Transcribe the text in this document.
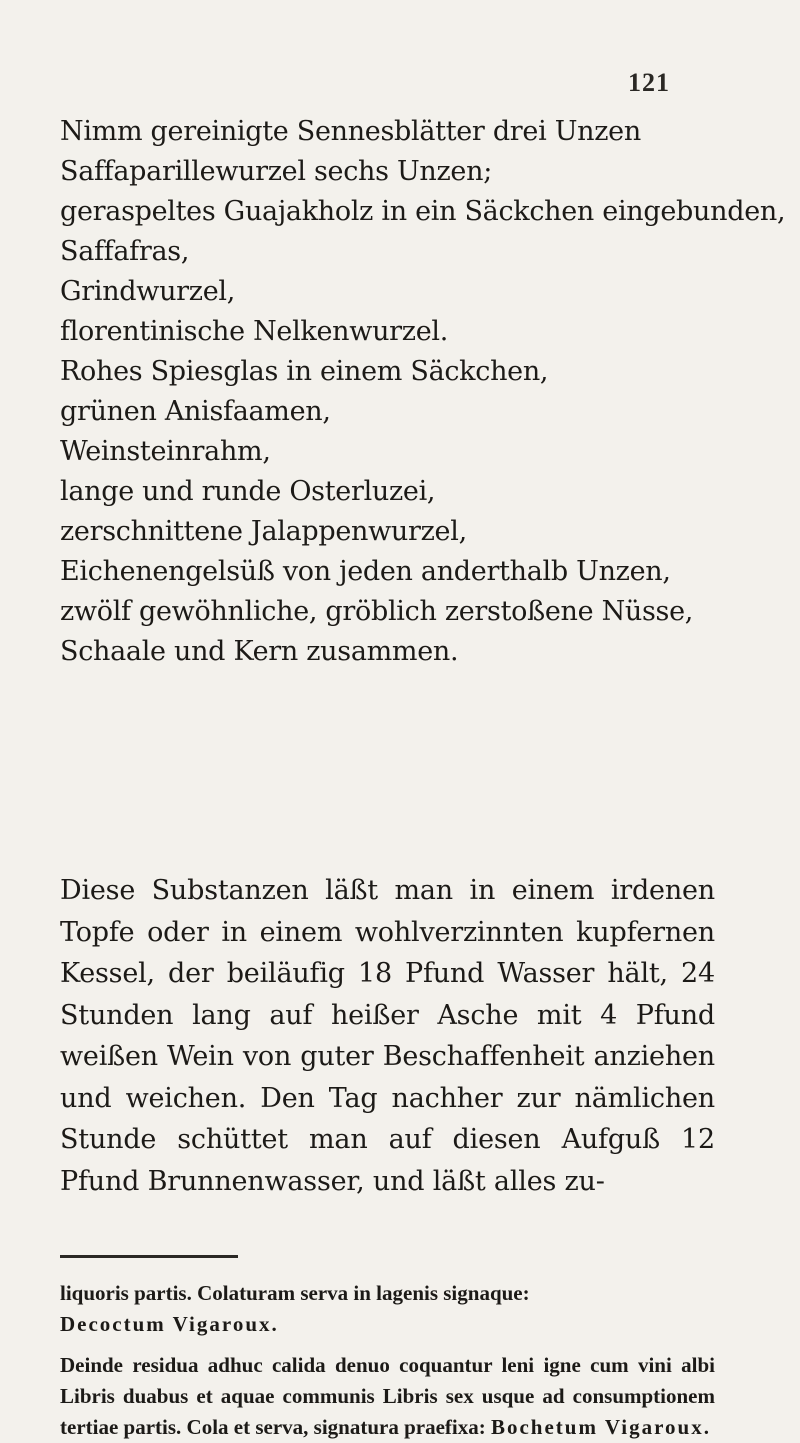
121
Nimm gereinigte Sennesblätter drei Unzen
Saffaparillewurzel sechs Unzen;
geraspeltes Guajakholz in ein Säckchen eingebunden,
Saffafras,
Grindwurzel,
florentinische Nelkenwurzel.
Rohes Spiesglas in einem Säckchen,
grünen Anisfaamen,
Weinsteinrahm,
lange und runde Osterluzei,
zerschnittene Jalappenwurzel,
Eichenengelsüß von jeden anderthalb Unzen,
zwölf gewöhnliche, gröblich zerstoßene Nüsse,
Schaale und Kern zusammen.

Diese Substanzen läßt man in einem irdenen Topfe oder in einem wohlverzinnten kupfernen Kessel, der beiläufig 18 Pfund Wasser hält, 24 Stunden lang auf heißer Asche mit 4 Pfund weißen Wein von guter Beschaffenheit anziehen und weichen. Den Tag nachher zur nämlichen Stunde schüttet man auf diesen Aufguß 12 Pfund Brunnenwasser, und läßt alles zu-

liquoris partis. Colaturam serva in lagenis signaque:
Decoctum Vigaroux.

Deinde residua adhuc calida denuo coquantur leni igne cum vini albi Libris duabus et aquae communis Libris sex usque ad consumptionem tertiae partis. Cola et serva, signatura praefixa: Bochetum Vigaroux.
